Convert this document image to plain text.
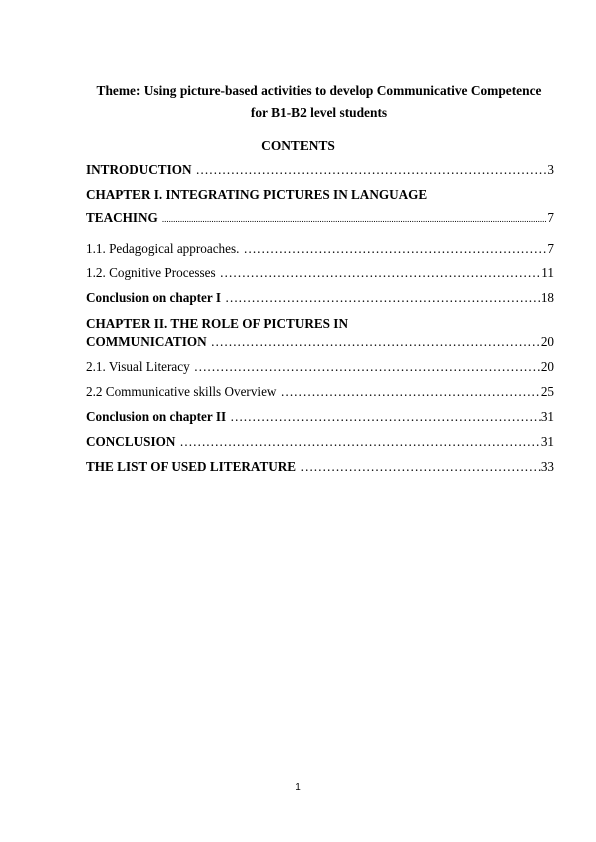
Theme: Using picture-based activities to develop Communicative Competence
for B1-B2 level students
CONTENTS
INTRODUCTION …………………………………………………………………………………………………………………………………………………………………	3
CHAPTER I. INTEGRATING PICTURES IN LANGUAGE
TEACHING .....	7
1.1. Pedagogical approaches. …………………………………………………………………………………………………………………………………………………………………	7
1.2. Cognitive Processes …………………………………………………………………………………………………………………………………………………………………	11
Conclusion on chapter I …………………………………………………………………………………………………………………………………………………………………	18
CHAPTER II. THE ROLE OF PICTURES IN
COMMUNICATION …………………………………………………………………………………………………………………………………………………………………	20
2.1. Visual Literacy …………………………………………………………………………………………………………………………………………………………………	20
2.2 Communicative skills Overview …………………………………………………………………………………………………………………………………………………………………	25
Conclusion on chapter II …………………………………………………………………………………………………………………………………………………………………	31
CONCLUSION …………………………………………………………………………………………………………………………………………………………………	31
THE LIST OF USED LITERATURE …………………………………………………………………………………………………………………………………………………………………	33
1
